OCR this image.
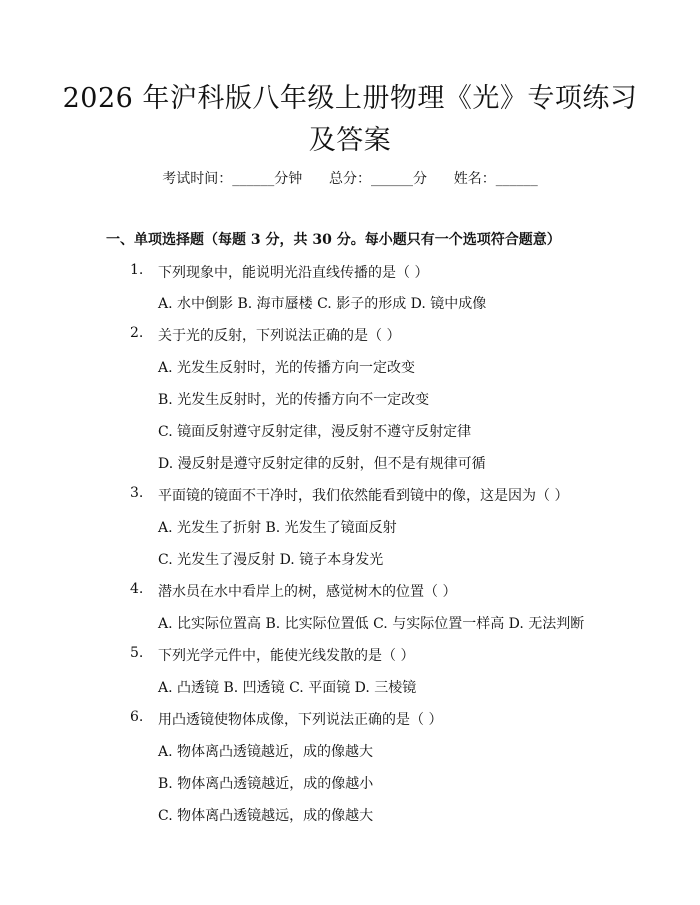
2026 年沪科版八年级上册物理《光》专项练习及答案
考试时间：______分钟 总分：______分 姓名：______
一、单项选择题（每题 3 分，共 30 分。每小题只有一个选项符合题意）
1. 下列现象中，能说明光沿直线传播的是（ ）
A. 水中倒影 B. 海市蜃楼 C. 影子的形成 D. 镜中成像
2. 关于光的反射，下列说法正确的是（ ）
A. 光发生反射时，光的传播方向一定改变
B. 光发生反射时，光的传播方向不一定改变
C. 镜面反射遵守反射定律，漫反射不遵守反射定律
D. 漫反射是遵守反射定律的反射，但不是有规律可循
3. 平面镜的镜面不干净时，我们依然能看到镜中的像，这是因为（ ）
A. 光发生了折射 B. 光发生了镜面反射
C. 光发生了漫反射 D. 镜子本身发光
4. 潜水员在水中看岸上的树，感觉树木的位置（ ）
A. 比实际位置高 B. 比实际位置低 C. 与实际位置一样高 D. 无法判断
5. 下列光学元件中，能使光线发散的是（ ）
A. 凸透镜 B. 凹透镜 C. 平面镜 D. 三棱镜
6. 用凸透镜使物体成像，下列说法正确的是（ ）
A. 物体离凸透镜越近，成的像越大
B. 物体离凸透镜越近，成的像越小
C. 物体离凸透镜越远，成的像越大
